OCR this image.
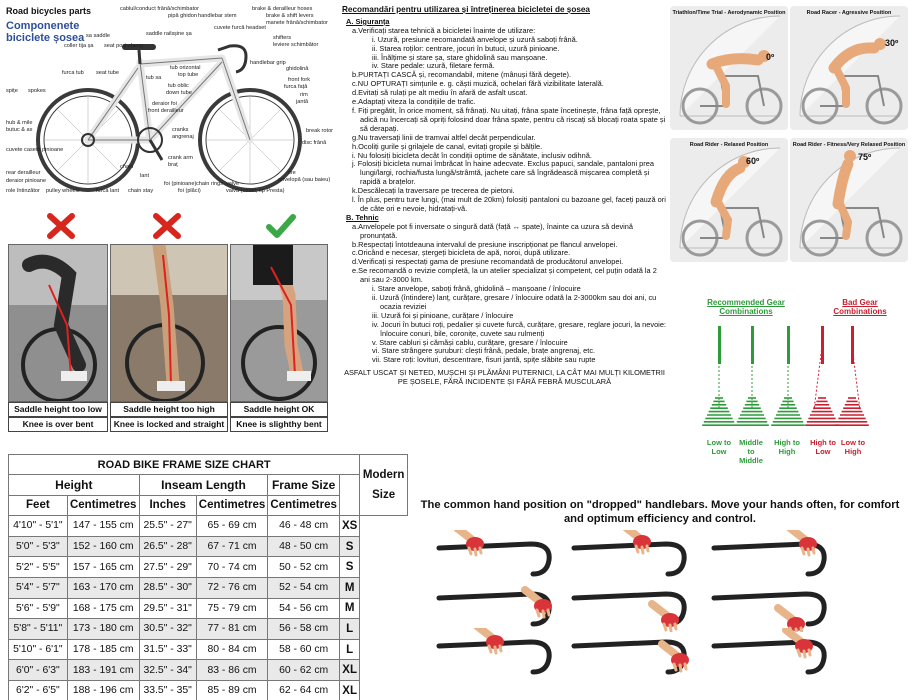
Road bicycles parts
Componenete biciclete șosea
cablul/conduct frână/schimbator	brake & derailleur hoses
brake & shift levers
manete frână/schimbator
sa saddle
pipă ghidon handlebar stem
shifters
leviere schimbător
saddle rails șine șa
cuvete furcă headset
coller tija șa seat post clamp
handlebar grip
ghidolină
furca tub seat tube
tub sa
tub orizontal
top tube
front fork
furca față
rim
jantă
spițe spokes
tub oblic
down tube
deraior foi
front derailleur
hub & mile
butuc & ax
cuvete casetă pinioane
rear derailleur
deraior pinioane
role întinzător pulley wheels	furcă lant chain stay
chain
lant
crank arm
braț
cranks
angrenaj
foi (pinioane) chain rings
foi (plăci)
valve
valvă (uzual, tip Presta)
tire
anvelopă (sau baieu)
break rotor
disc frână
Saddle height too low	Saddle height too high	Saddle height OK
Knee is over bent	Knee is locked and straight	Knee is slighthy bent
Recomandări pentru utilizarea și întreținerea bicicletei de șosea
A. Siguranța
a.Verificați starea tehnică a bicicletei înainte de utilizare:
i. Uzură, presiune recomandată anvelope și uzură saboți frână.
ii. Starea roților: centrare, jocuri în butuci, uzură pinioane.
iii. Înălțime și stare șa, stare ghidolină sau manșoane.
iv. Stare pedale: uzură, filetare fermă.
b.PURTAȚI CASCĂ și, recomandabil, mitene (mânuși fără degete).
c.NU OPTURAȚI simțurile e. g. căști muzică, ochelari fără vizibilitate laterală.
d.Evitați să rulați pe alt mediu în afară de asfalt uscat.
e.Adaptați viteza la condițiile de trafic.
f. Fiți pregătit, în orice moment, să frânați. Nu uitați, frâna spate încetinește, frâna față oprește, adică nu încercați să opriți folosind doar frâna spate, pentru că riscați să blocați roata spate și să derapați.
g.Nu traversați linii de tramvai altfel decât perpendicular.
h.Ocoliți gurile și grilajele de canal, evitați gropile și bălțile.
i. Nu folosiți bicicleta decât în condiții optime de sănătate, inclusiv odihnă.
j. Folosiți bicicleta numai îmbrăcat în haine adecvate. Exclus papuci, sandale, pantaloni prea lungi/largi, rochia/fusta lungă/strâmtă, jachete care să îngrădească mișcarea completă și rapidă a brațelor.
k.Descălecați la traversare pe trecerea de pietoni.
l. În plus, pentru ture lungi, (mai mult de 20km) folosiți pantaloni cu bazoane gel, faceți pauză ori de câte ori e nevoie, hidratați-vă.
B. Tehnic
a.Anvelopele pot fi inversate o singură dată (față ↔ spate), înainte ca uzura să devină pronunțată.
b.Respectați întotdeauna intervalul de presiune inscripționat pe flancul anvelopei.
c.Oricând e necesar, ștergeți bicicleta de apă, noroi, după utilizare.
d.Verificați și respectați gama de presiune recomandată de producătorul anvelopei.
e.Se recomandă o revizie completă, la un atelier specializat și competent, cel puțin odată la 2 ani sau 2-3000 km.
i. Stare anvelope, saboți frână, ghidolină – manșoane / înlocuire
ii. Uzură (întindere) lanț, curățare, gresare / înlocuire odată la 2-3000km sau doi ani, cu ocazia reviziei
iii. Uzură foi și pinioane, curățare / înlocuire
iv. Jocuri în butuci roți, pedalier și cuvete furcă, curățare, gresare, reglare jocuri, la nevoie: înlocuire conuri, bile, coronițe, cuvete sau rulmenți
v. Stare cabluri și cămăși cablu, curățare, gresare / înlocuire
vi. Stare strângere șuruburi: clești frână, pedale, brațe angrenaj, etc.
vii. Stare roți: lovituri, descentrare, fisuri jantă, spițe slăbite sau rupte
ASFALT USCAT ȘI NETED, MUȘCHI ȘI PLĂMÂNI PUTERNICI, LA CÂT MAI MULȚI KILOMETRII PE ȘOSELE, FĂRĂ INCIDENTE ȘI FĂRĂ FEBRĂ MUSCULARĂ
Triathlon/Time Trial - Aerodynamic Position
0º
Road Racer - Agressive Position
30º
Road Rider - Relaxed Position
60º
Road Rider - Fitness/Very Relaxed Position
75º
Recommended Gear Combinations
Bad Gear Combinations
Low to Low
Middle to Middle
High to High
High to Low
Low to High
ROAD BIKE FRAME SIZE CHART						Modern Size
Height		Inseam Length		Frame Size		
Feet	Centimetres	Inches	Centimetres	Centimetres		
4'10" - 5'1"	147 - 155 cm	25.5" - 27"	65 - 69 cm	46 - 48 cm	XS	
5'0" - 5'3"	152 - 160 cm	26.5" - 28"	67 - 71 cm	48 - 50 cm	S	
5'2" - 5'5"	157 - 165 cm	27.5" - 29"	70 - 74 cm	50 - 52 cm	S	
5'4" - 5'7"	163 - 170 cm	28.5" - 30"	72 - 76 cm	52 - 54 cm	M	
5'6" - 5'9"	168 - 175 cm	29.5" - 31"	75 - 79 cm	54 - 56 cm	M	
5'8" - 5'11"	173 - 180 cm	30.5" - 32"	77 - 81 cm	56 - 58 cm	L	
5'10" - 6'1"	178 - 185 cm	31.5" - 33"	80 - 84 cm	58 - 60 cm	L	
6'0" - 6'3"	183 - 191 cm	32.5" - 34"	83 - 86 cm	60 - 62 cm	XL	
6'2" - 6'5"	188 - 196 cm	33.5" - 35"	85 - 89 cm	62 - 64 cm	XL	
The common hand position on "dropped" handlebars. Move your hands often, for comfort and optimum efficiency and control.
